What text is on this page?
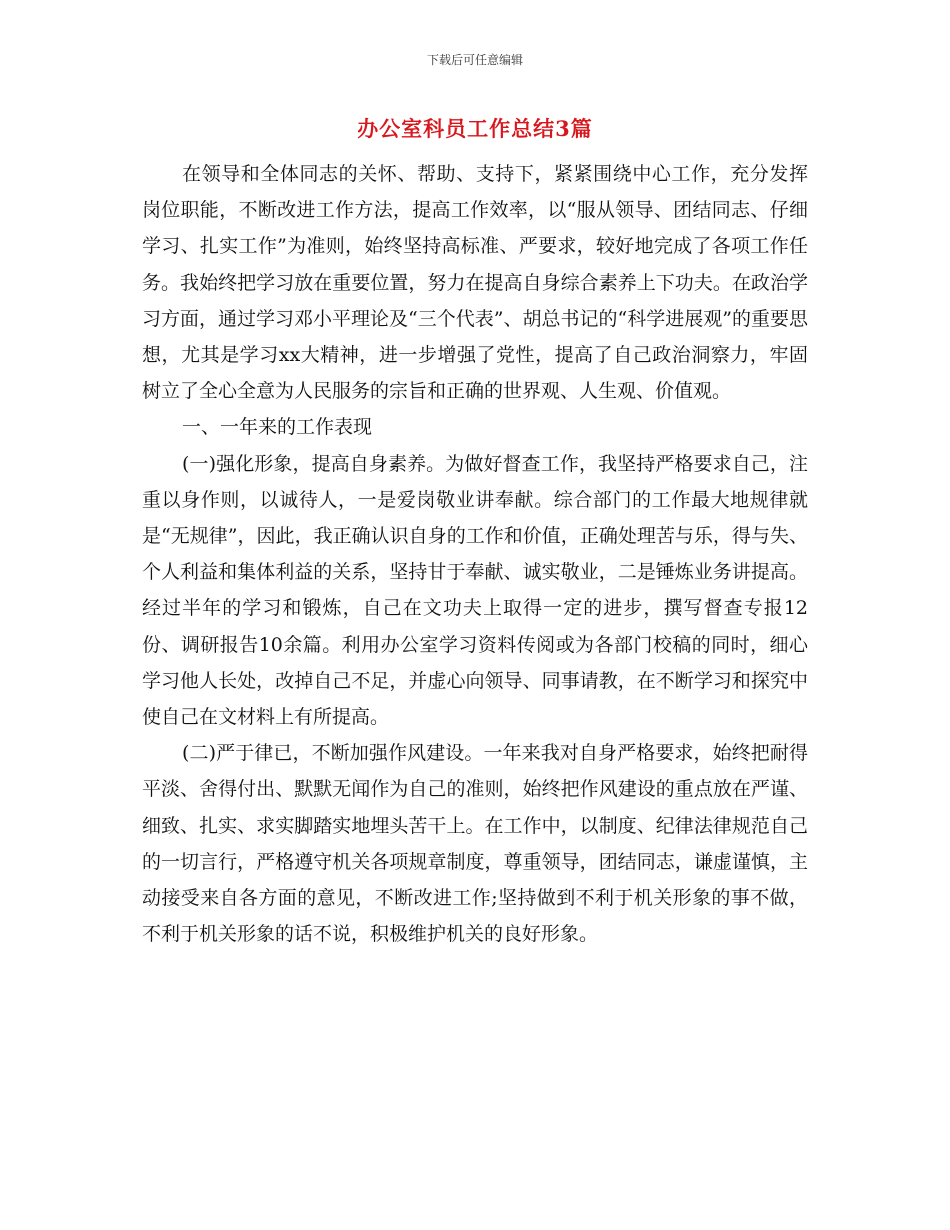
下载后可任意编辑
办公室科员工作总结3篇

在领导和全体同志的关怀、帮助、支持下，紧紧围绕中心工作，充分发挥岗位职能，不断改进工作方法，提高工作效率，以“服从领导、团结同志、仔细学习、扎实工作”为准则，始终坚持高标准、严要求，较好地完成了各项工作任务。我始终把学习放在重要位置，努力在提高自身综合素养上下功夫。在政治学习方面，通过学习邓小平理论及“三个代表”、胡总书记的“科学进展观”的重要思想，尤其是学习xx大精神，进一步增强了党性，提高了自己政治洞察力，牢固树立了全心全意为人民服务的宗旨和正确的世界观、人生观、价值观。

一、一年来的工作表现

(一)强化形象，提高自身素养。为做好督查工作，我坚持严格要求自己，注重以身作则，以诚待人，一是爱岗敬业讲奉献。综合部门的工作最大地规律就是“无规律”，因此，我正确认识自身的工作和价值，正确处理苦与乐，得与失、个人利益和集体利益的关系，坚持甘于奉献、诚实敬业，二是锤炼业务讲提高。经过半年的学习和锻炼，自己在文功夫上取得一定的进步，撰写督查专报12份、调研报告10余篇。利用办公室学习资料传阅或为各部门校稿的同时，细心学习他人长处，改掉自己不足，并虚心向领导、同事请教，在不断学习和探究中使自己在文材料上有所提高。

(二)严于律已，不断加强作风建设。一年来我对自身严格要求，始终把耐得平淡、舍得付出、默默无闻作为自己的准则，始终把作风建设的重点放在严谨、细致、扎实、求实脚踏实地埋头苦干上。在工作中，以制度、纪律法律规范自己的一切言行，严格遵守机关各项规章制度，尊重领导，团结同志，谦虚谨慎，主动接受来自各方面的意见，不断改进工作;坚持做到不利于机关形象的事不做，不利于机关形象的话不说，积极维护机关的良好形象。
